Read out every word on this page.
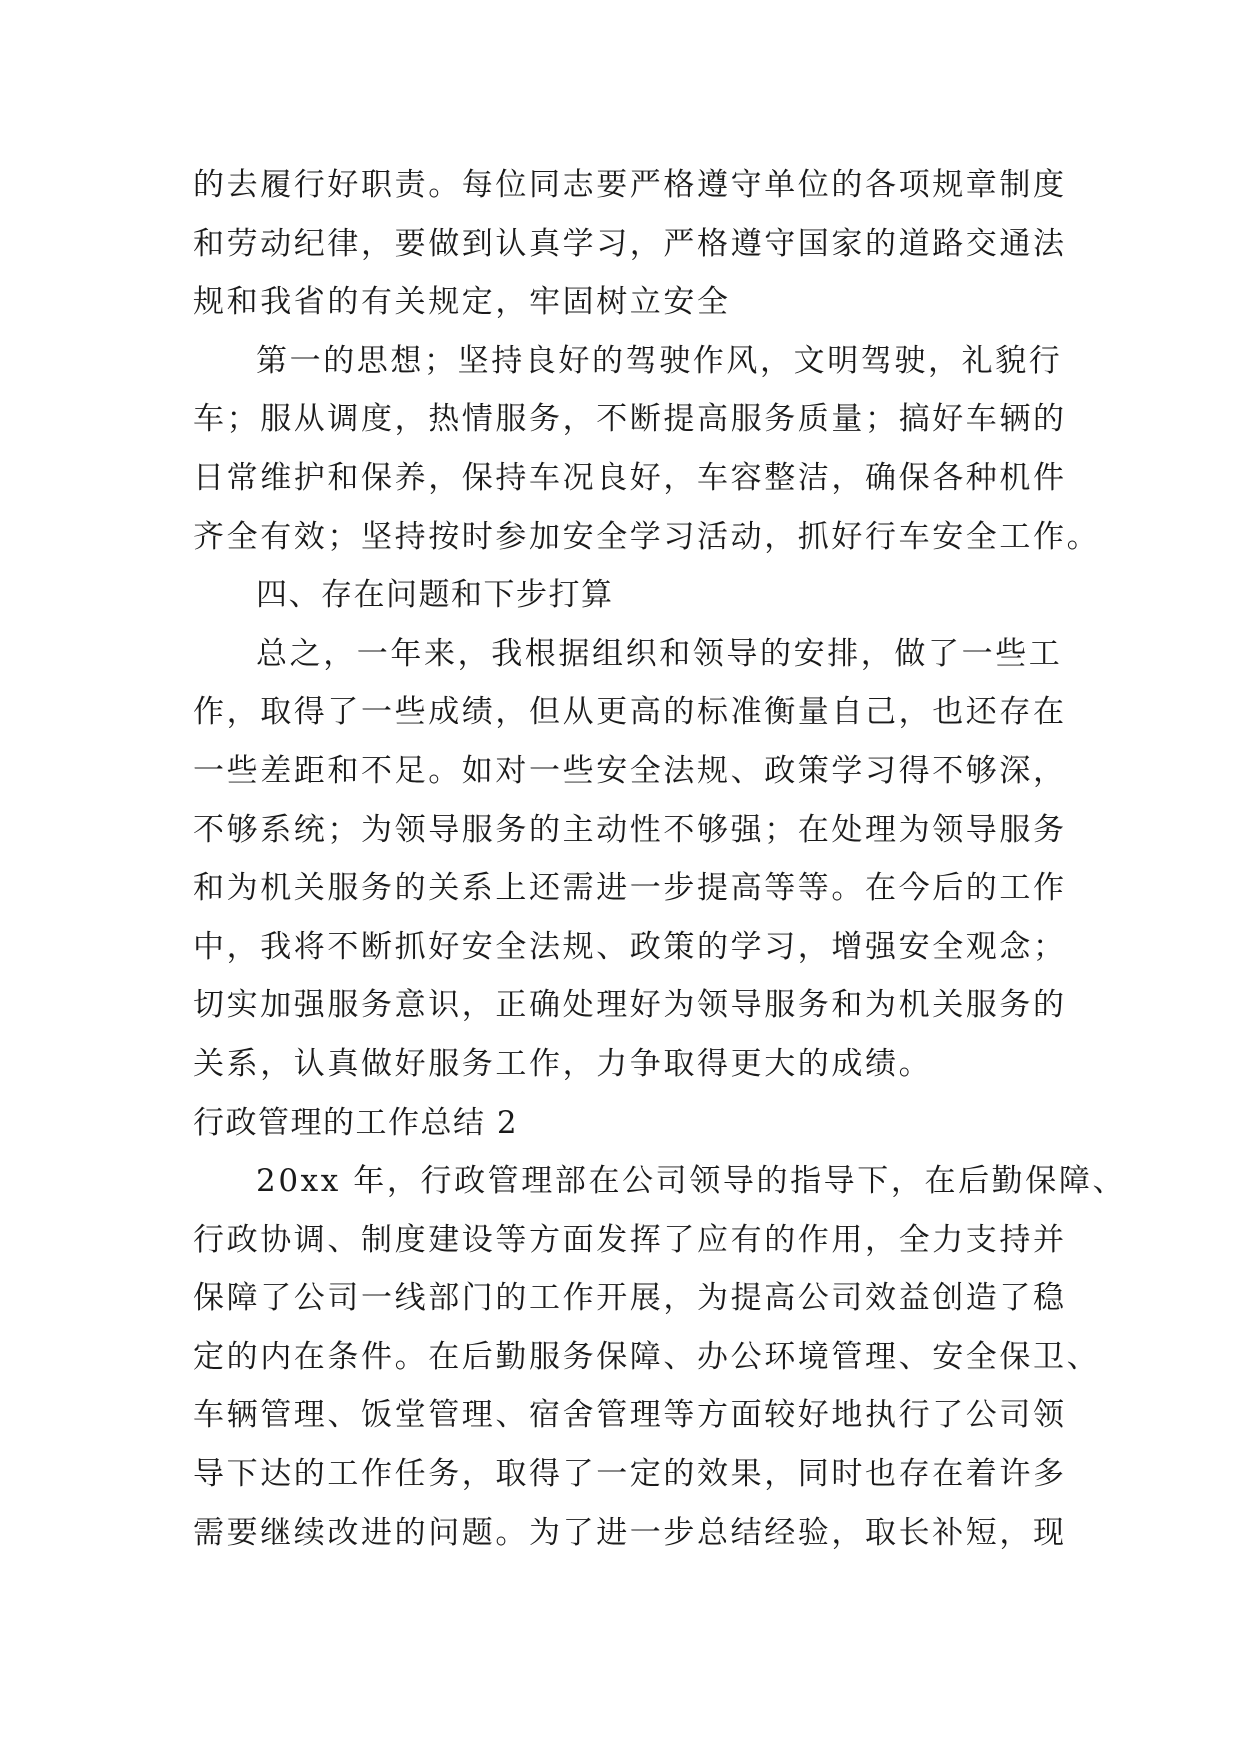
的去履行好职责。每位同志要严格遵守单位的各项规章制度

和劳动纪律，要做到认真学习，严格遵守国家的道路交通法

规和我省的有关规定，牢固树立安全

第一的思想；坚持良好的驾驶作风，文明驾驶，礼貌行

车；服从调度，热情服务，不断提高服务质量；搞好车辆的

日常维护和保养，保持车况良好，车容整洁，确保各种机件

齐全有效；坚持按时参加安全学习活动，抓好行车安全工作。

四、存在问题和下步打算

总之，一年来，我根据组织和领导的安排，做了一些工

作，取得了一些成绩，但从更高的标准衡量自己，也还存在

一些差距和不足。如对一些安全法规、政策学习得不够深，

不够系统；为领导服务的主动性不够强；在处理为领导服务

和为机关服务的关系上还需进一步提高等等。在今后的工作

中，我将不断抓好安全法规、政策的学习，增强安全观念；

切实加强服务意识，正确处理好为领导服务和为机关服务的

关系，认真做好服务工作，力争取得更大的成绩。

行政管理的工作总结 2

20xx 年，行政管理部在公司领导的指导下，在后勤保障、

行政协调、制度建设等方面发挥了应有的作用，全力支持并

保障了公司一线部门的工作开展，为提高公司效益创造了稳

定的内在条件。在后勤服务保障、办公环境管理、安全保卫、

车辆管理、饭堂管理、宿舍管理等方面较好地执行了公司领

导下达的工作任务，取得了一定的效果，同时也存在着许多

需要继续改进的问题。为了进一步总结经验，取长补短，现
